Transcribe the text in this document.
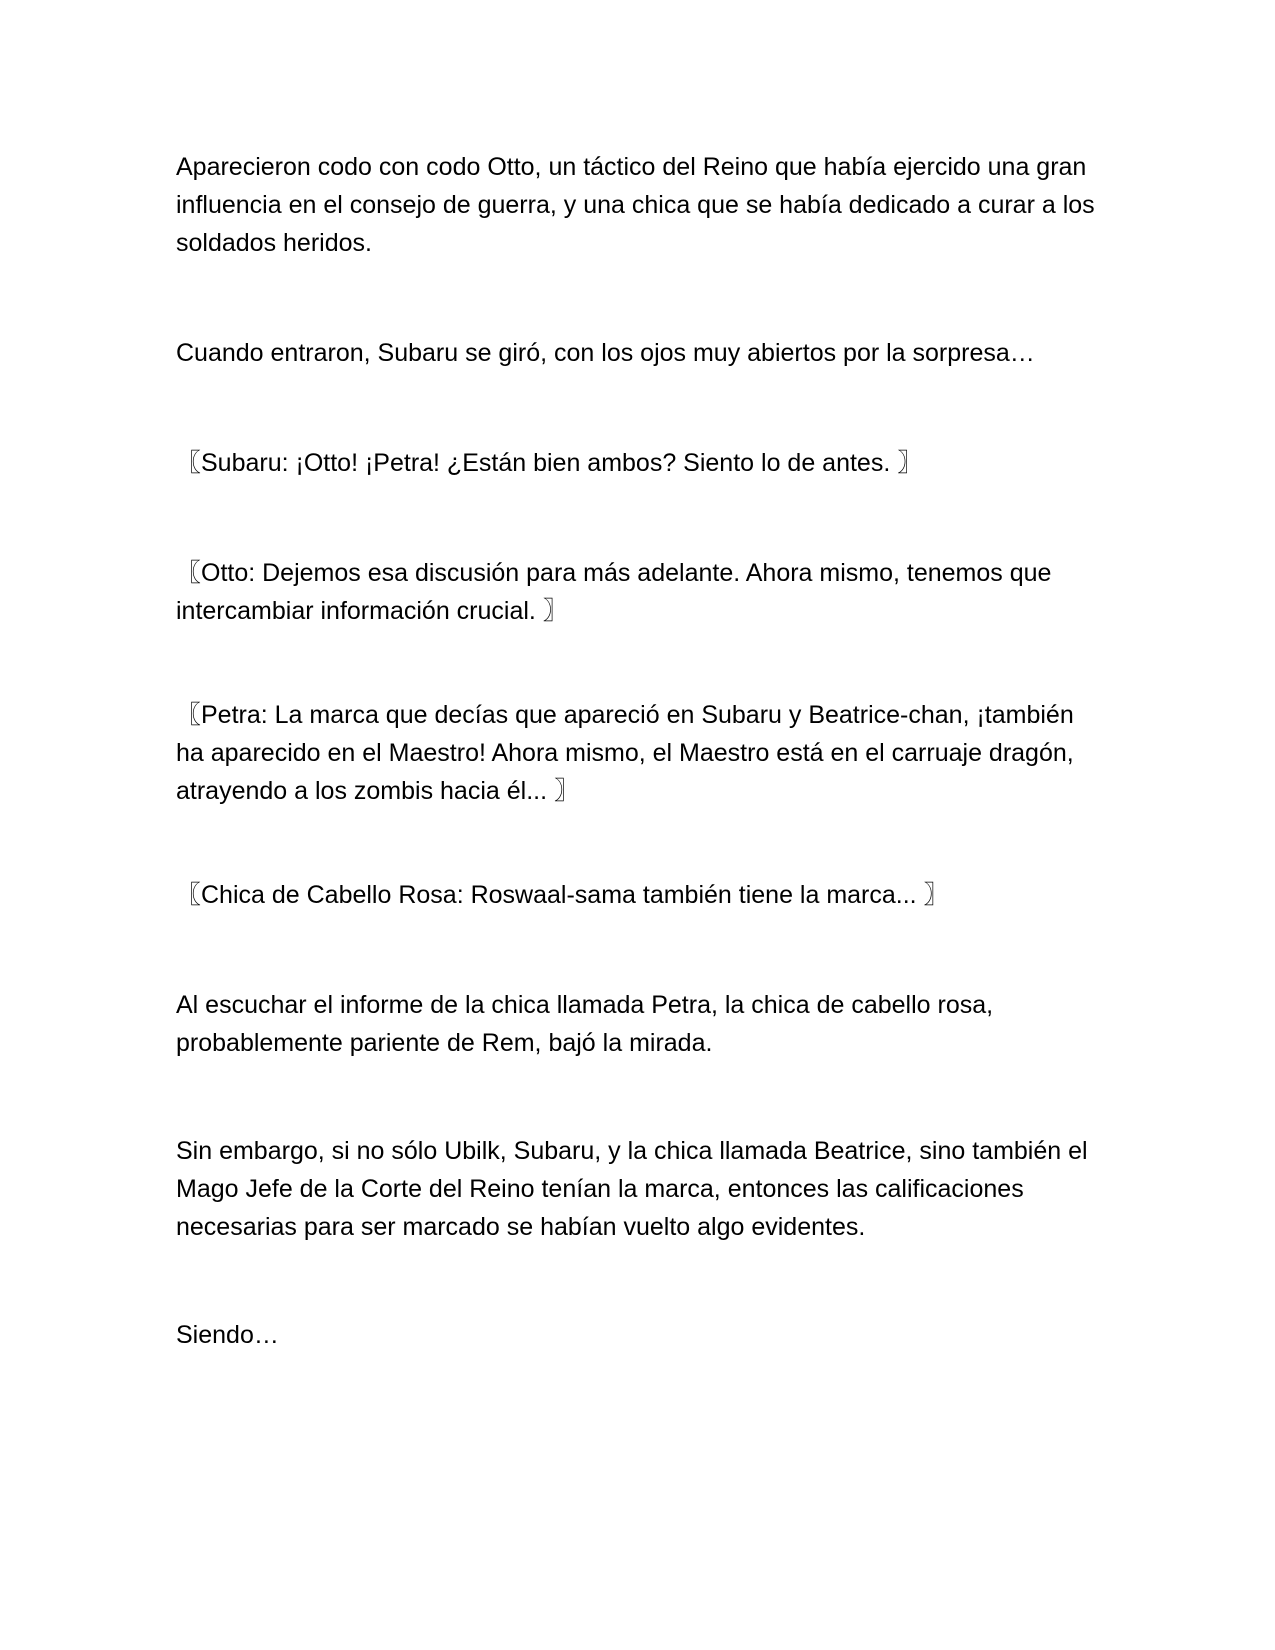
Aparecieron codo con codo Otto, un táctico del Reino que había ejercido una gran influencia en el consejo de guerra, y una chica que se había dedicado a curar a los soldados heridos.

Cuando entraron, Subaru se giró, con los ojos muy abiertos por la sorpresa…

〖Subaru: ¡Otto! ¡Petra! ¿Están bien ambos? Siento lo de antes. 〗

〖Otto: Dejemos esa discusión para más adelante. Ahora mismo, tenemos que intercambiar información crucial. 〗

〖Petra: La marca que decías que apareció en Subaru y Beatrice-chan, ¡también ha aparecido en el Maestro! Ahora mismo, el Maestro está en el carruaje dragón, atrayendo a los zombis hacia él... 〗

〖Chica de Cabello Rosa: Roswaal-sama también tiene la marca... 〗

Al escuchar el informe de la chica llamada Petra, la chica de cabello rosa, probablemente pariente de Rem, bajó la mirada.

Sin embargo, si no sólo Ubilk, Subaru, y la chica llamada Beatrice, sino también el Mago Jefe de la Corte del Reino tenían la marca, entonces las calificaciones necesarias para ser marcado se habían vuelto algo evidentes.

Siendo…
